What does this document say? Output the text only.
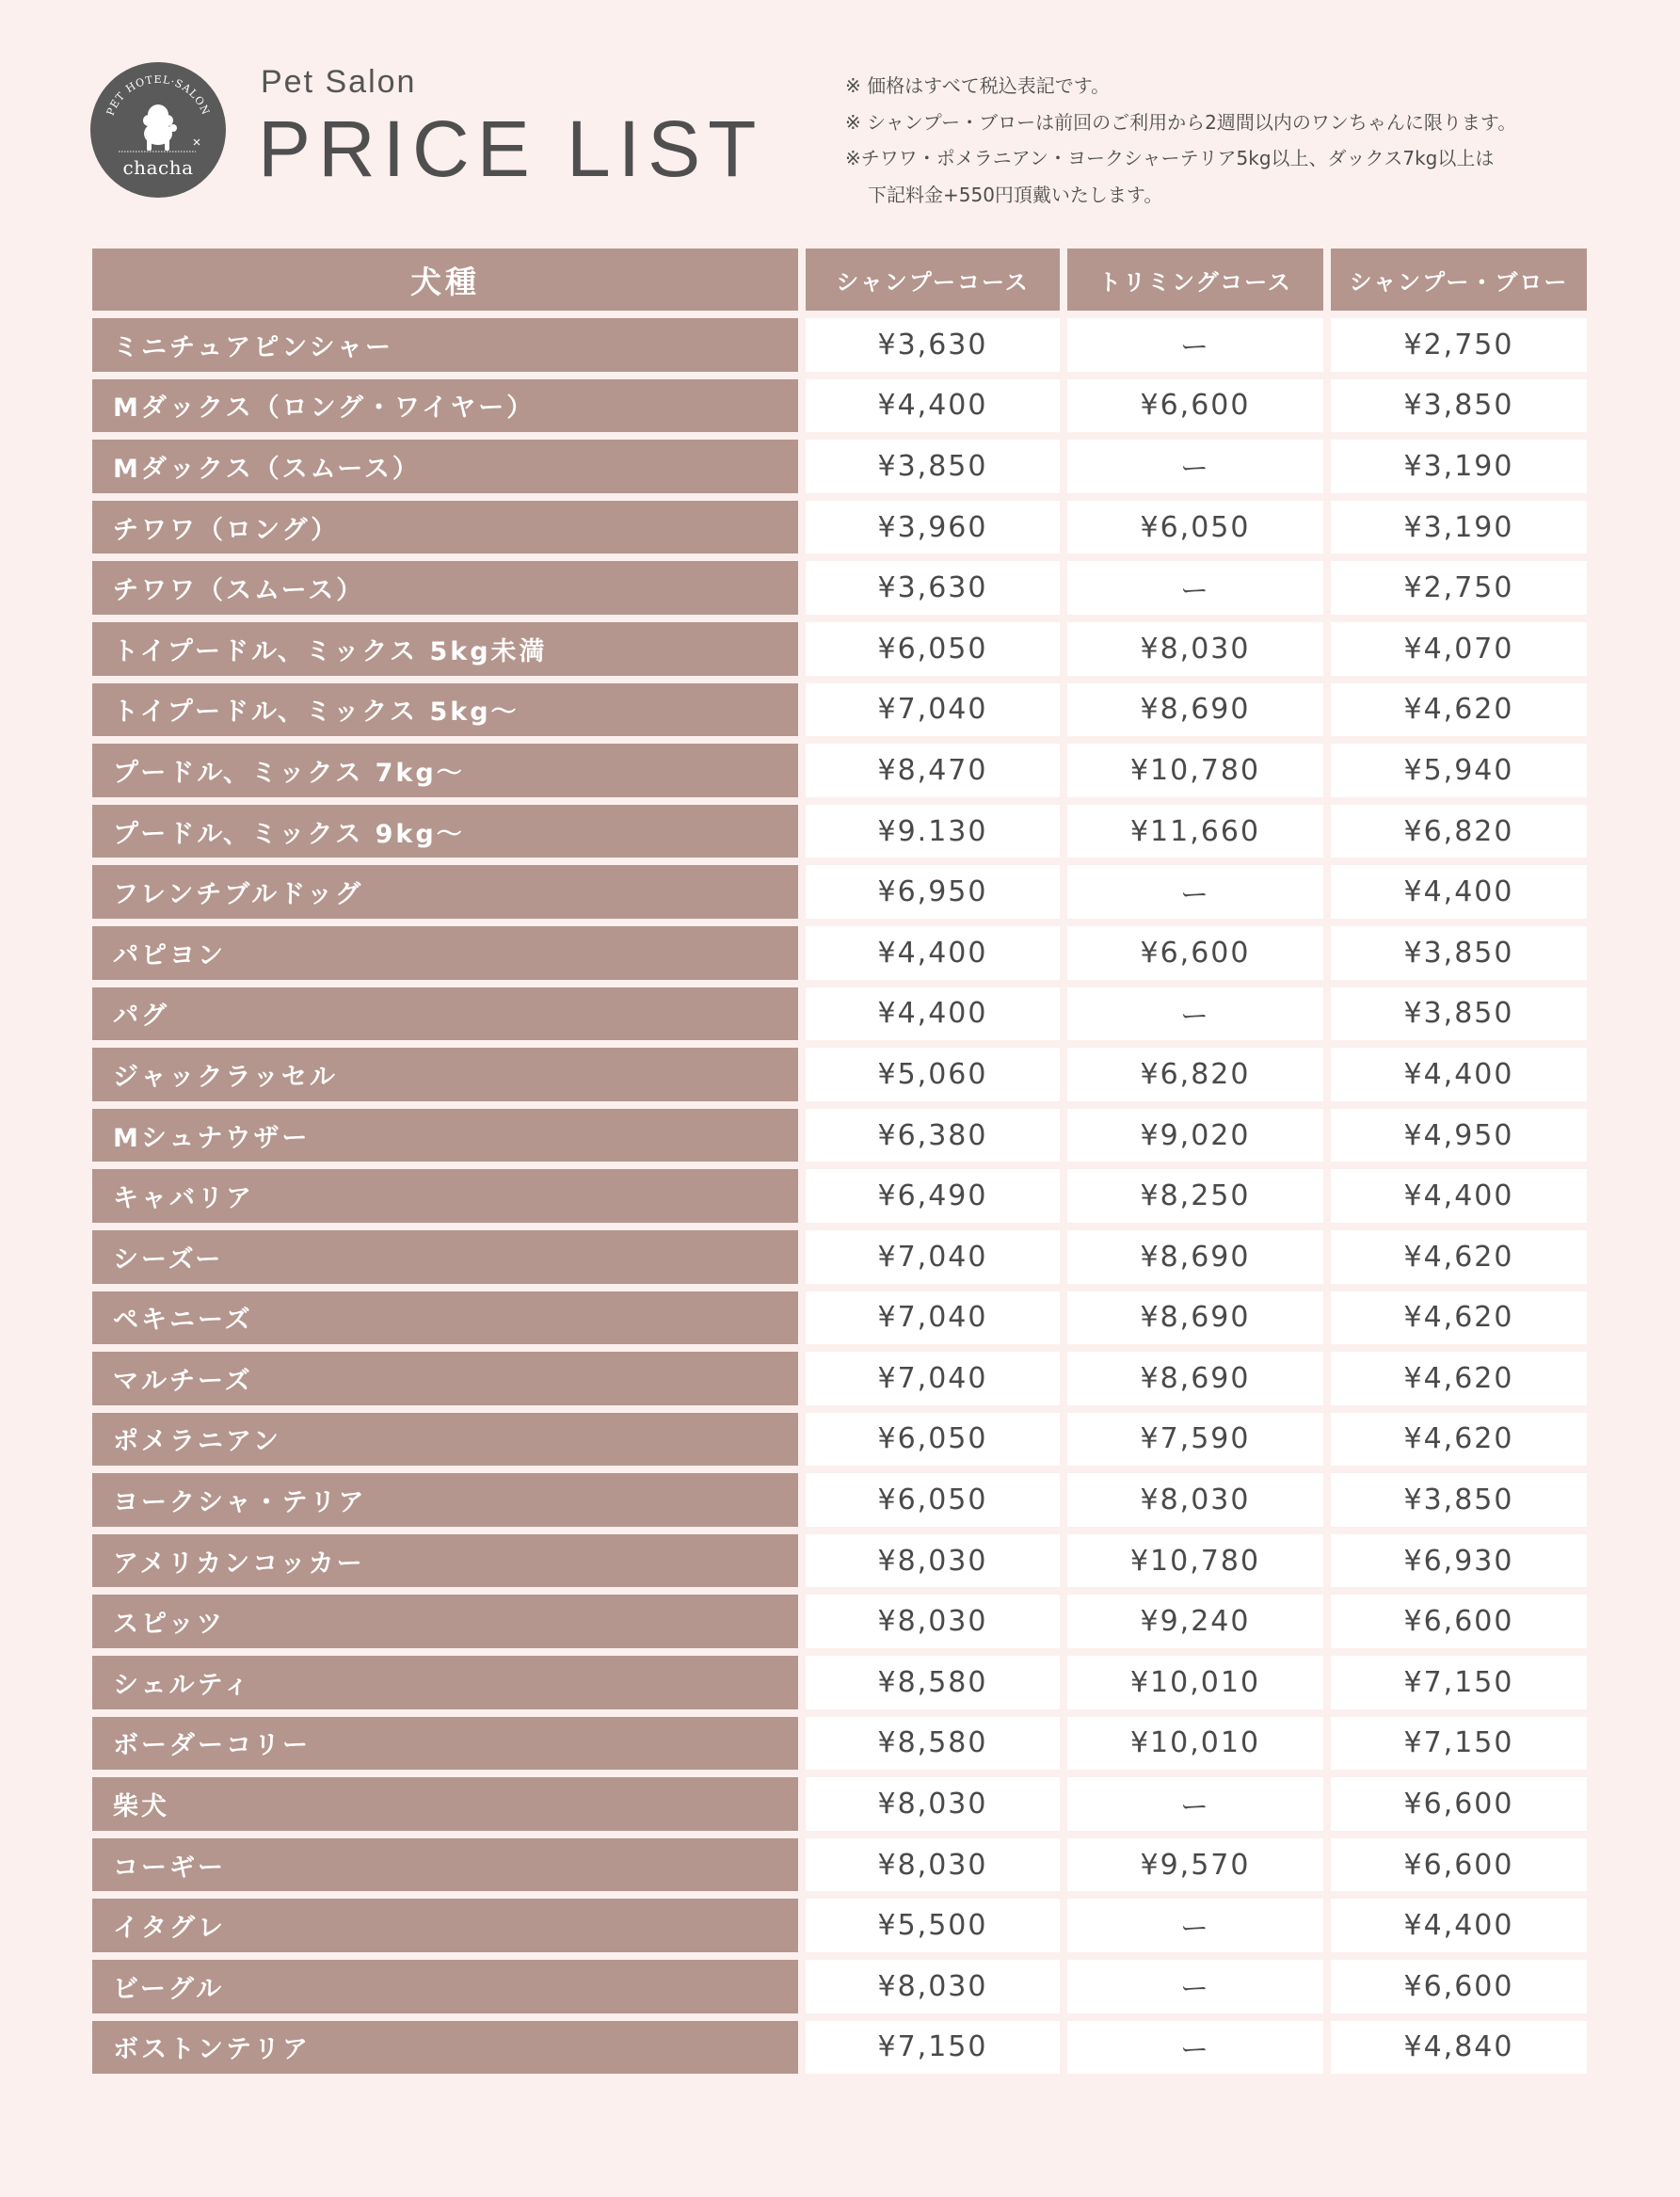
PET HOTEL·SALON
chacha
Pet Salon
PRICE LIST
※ 価格はすべて税込表記です。
※ シャンプー・ブローは前回のご利用から2週間以内のワンちゃんに限ります。
※チワワ・ポメラニアン・ヨークシャーテリア5kg以上、ダックス7kg以上は
下記料金+550円頂戴いたします。
犬種	シャンプーコース	トリミングコース	シャンプー・ブロー

ミニチュアピンシャー	¥3,630	ー	¥2,750

Mダックス（ロング・ワイヤー）	¥4,400	¥6,600	¥3,850

Mダックス（スムース）	¥3,850	ー	¥3,190

チワワ（ロング）	¥3,960	¥6,050	¥3,190

チワワ（スムース）	¥3,630	ー	¥2,750

トイプードル、ミックス 5kg未満	¥6,050	¥8,030	¥4,070

トイプードル、ミックス 5kg〜	¥7,040	¥8,690	¥4,620

プードル、ミックス 7kg〜	¥8,470	¥10,780	¥5,940

プードル、ミックス 9kg〜	¥9.130	¥11,660	¥6,820

フレンチブルドッグ	¥6,950	ー	¥4,400

パピヨン	¥4,400	¥6,600	¥3,850

パグ	¥4,400	ー	¥3,850

ジャックラッセル	¥5,060	¥6,820	¥4,400

Mシュナウザー	¥6,380	¥9,020	¥4,950

キャバリア	¥6,490	¥8,250	¥4,400

シーズー	¥7,040	¥8,690	¥4,620

ペキニーズ	¥7,040	¥8,690	¥4,620

マルチーズ	¥7,040	¥8,690	¥4,620

ポメラニアン	¥6,050	¥7,590	¥4,620

ヨークシャ・テリア	¥6,050	¥8,030	¥3,850

アメリカンコッカー	¥8,030	¥10,780	¥6,930

スピッツ	¥8,030	¥9,240	¥6,600

シェルティ	¥8,580	¥10,010	¥7,150

ボーダーコリー	¥8,580	¥10,010	¥7,150

柴犬	¥8,030	ー	¥6,600

コーギー	¥8,030	¥9,570	¥6,600

イタグレ	¥5,500	ー	¥4,400

ビーグル	¥8,030	ー	¥6,600

ボストンテリア	¥7,150	ー	¥4,840
